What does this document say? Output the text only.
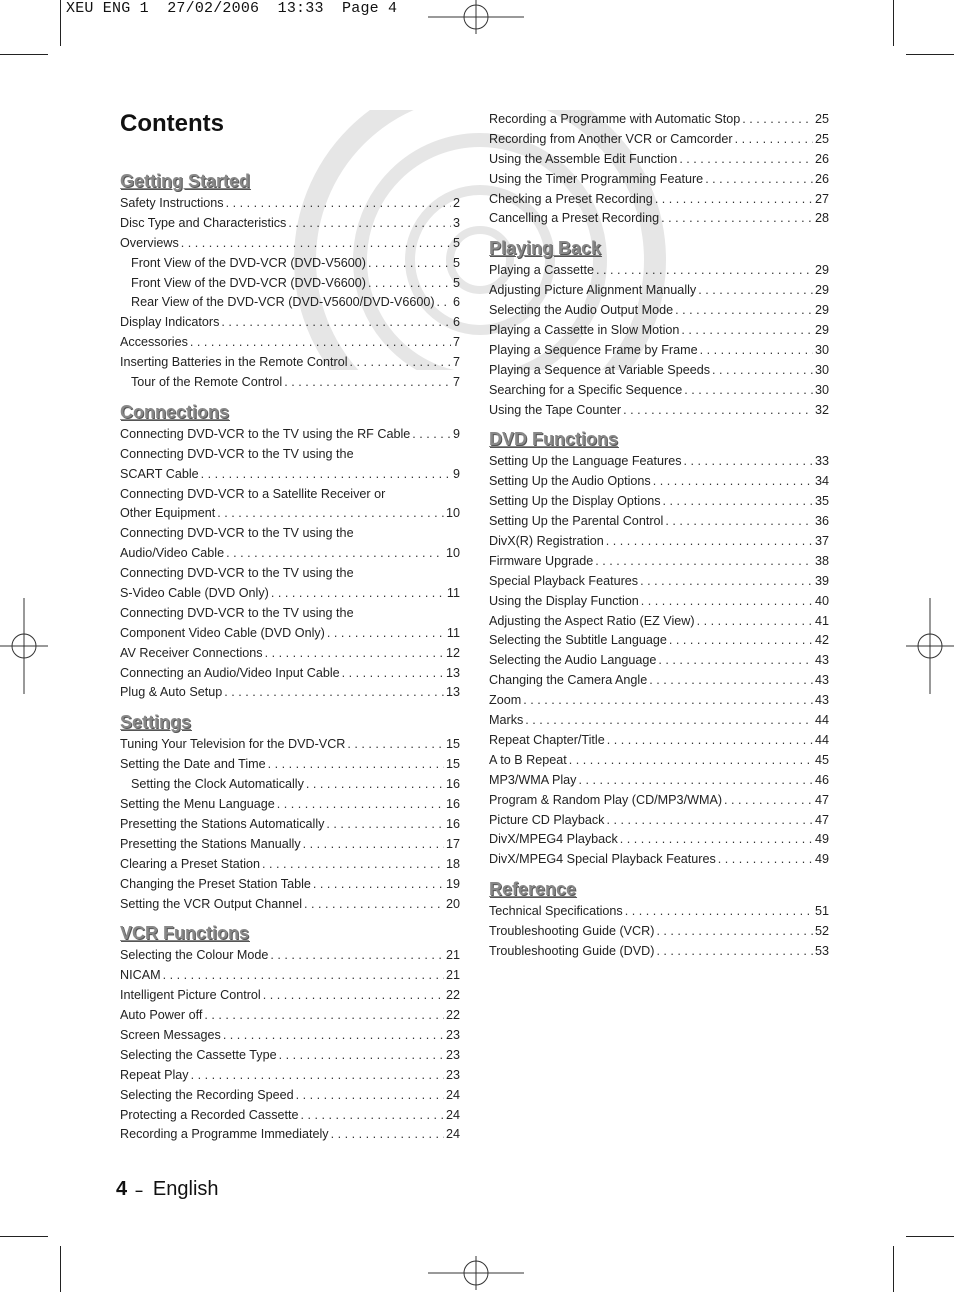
XEU ENG 1  27/02/2006  13:33  Page 4
Contents
Getting Started
Safety Instructions . . .	2
Disc Type and Characteristics . . .	3
Overviews . . .	5
Front View of the DVD-VCR (DVD-V5600) . . .	5
Front View of the DVD-VCR (DVD-V6600) . . .	5
Rear View of the DVD-VCR (DVD-V5600/DVD-V6600) . . . 6
Display Indicators . . .	6
Accessories . . .	7
Inserting Batteries in the Remote Control . . .	7
Tour of the Remote Control . . .	7
Connections
Connecting DVD-VCR to the TV using the RF Cable . . .	9
Connecting DVD-VCR to the TV using the
SCART Cable . . .	9
Connecting DVD-VCR to a Satellite Receiver or
Other Equipment . . .	10
Connecting DVD-VCR to the TV using the
Audio/Video Cable . . .	10
Connecting DVD-VCR to the TV using the
S-Video Cable (DVD Only) . . .	11
Connecting DVD-VCR to the TV using the
Component Video Cable (DVD Only) . . .	11
AV Receiver Connections . . .	12
Connecting an Audio/Video Input Cable . . .	13
Plug & Auto Setup . . .	13
Settings
Tuning Your Television for the DVD-VCR . . .	15
Setting the Date and Time . . .	15
Setting the Clock Automatically . . .	16
Setting the Menu Language . . .	16
Presetting the Stations Automatically . . .	16
Presetting the Stations Manually . . .	17
Clearing a Preset Station . . .	18
Changing the Preset Station Table . . .	19
Setting the VCR Output Channel . . .	20
VCR Functions
Selecting the Colour Mode . . .	21
NICAM . . .	21
Intelligent Picture Control . . .	22
Auto Power off . . .	22
Screen Messages . . .	23
Selecting the Cassette Type . . .	23
Repeat Play . . .	23
Selecting the Recording Speed . . .	24
Protecting a Recorded Cassette . . .	24
Recording a Programme Immediately . . .	24
Recording a Programme with Automatic Stop . . .	25
Recording from Another VCR or Camcorder . . .	25
Using the Assemble Edit Function . . .	26
Using the Timer Programming Feature . . .	26
Checking a Preset Recording . . .	27
Cancelling a Preset Recording . . .	28
Playing Back
Playing a Cassette . . .	29
Adjusting Picture Alignment Manually . . .	29
Selecting the Audio Output Mode . . .	29
Playing a Cassette in Slow Motion . . .	29
Playing a Sequence Frame by Frame . . .	30
Playing a Sequence at Variable Speeds . . .	30
Searching for a Specific Sequence . . .	30
Using the Tape Counter . . .	32
DVD Functions
Setting Up the Language Features . . .	33
Setting Up the Audio Options . . .	34
Setting Up the Display Options . . .	35
Setting Up the Parental Control . . .	36
DivX(R) Registration . . .	37
Firmware Upgrade . . .	38
Special Playback Features . . .	39
Using the Display Function . . .	40
Adjusting the Aspect Ratio (EZ View) . . .	41
Selecting the Subtitle Language . . .	42
Selecting the Audio Language . . .	43
Changing the Camera Angle . . .	43
Zoom . . .	43
Marks . . .	44
Repeat Chapter/Title . . .	44
A to B Repeat . . .	45
MP3/WMA Play . . .	46
Program & Random Play (CD/MP3/WMA) . . .	47
Picture CD Playback . . .	47
DivX/MPEG4 Playback . . .	49
DivX/MPEG4 Special Playback Features . . .	49
Reference
Technical Specifications . . .	51
Troubleshooting Guide (VCR) . . .	52
Troubleshooting Guide (DVD) . . .	53
4 – English
